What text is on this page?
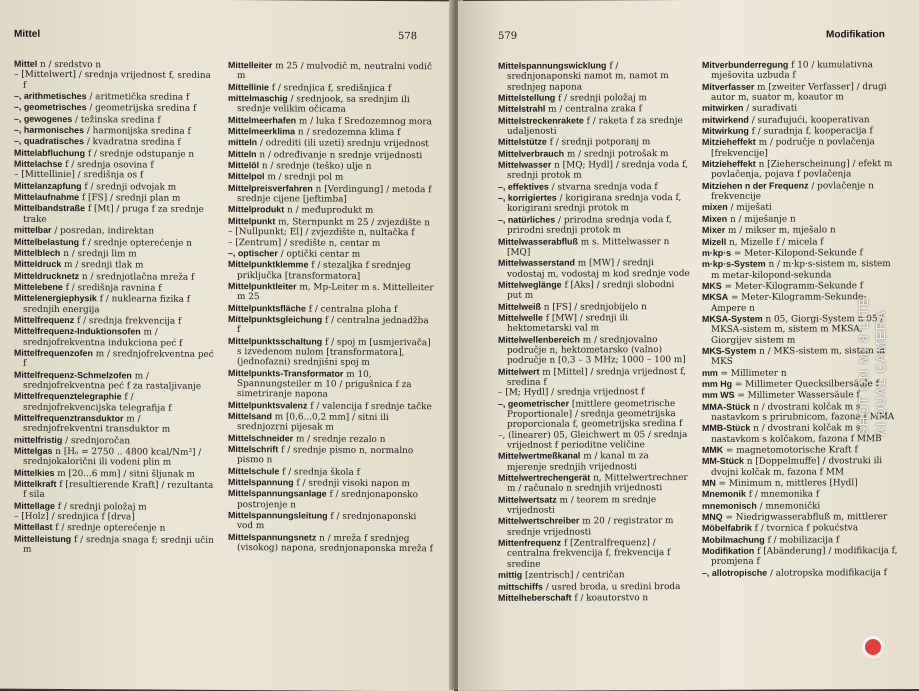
Mittel	578

Mittel n / sredstvo n

– [Mittelwert] / srednja vrijednost f, sredina f

–, arithmetisches / aritmetička sredina f

–, geometrisches / geometrijska sredina f

–, gewogenes / težinska sredina f

–, harmonisches / harmonijska sredina f

–, quadratisches / kvadratna sredina f

Mittelabfluchung f / srednje odstupanje n

Mittelachse f / srednja osovina f

– [Mittellinie] / središnja os f

Mittelanzapfung f / srednji odvojak m

Mittelaufnahme f [FS] / srednji plan m

Mittelbandstraße f [Mt] / pruga f za srednje trake

mittelbar / posredan, indirektan

Mittelbelastung f / srednje opterećenje n

Mittelblech n / srednji lim m

Mitteldruck m / srednji tlak m

Mitteldrucknetz n / srednjotlačna mreža f

Mittelebene f / središnja ravnina f

Mittelenergiephysik f / nuklearna fizika f srednjih energija

Mittelfrequenz f / srednja frekvencija f

Mittelfrequenz-Induktionsofen m / srednjofrekventna indukciona peć f

Mittelfrequenzofen m / srednjofrekventna peć f

Mittelfrequenz-Schmelzofen m / srednjofrekventna peć f za rastaljivanje

Mittelfrequenztelegraphie f / srednjofrekvencijska telegrafija f

Mittelfrequenztransduktor m / srednjofrekventni transduktor m

mittelfristig / srednjoročan

Mittelgas n [Hₒ = 2750 .. 4800 kcal/Nm³] / srednjokalorični ili vodeni plin m

Mittelkies m [20...6 mm] / sitni šljunak m

Mittelkraft f [resultierende Kraft] / rezultanta f sila

Mittellage f / srednji položaj m

– [Holz] / srednjica f [drva]

Mittellast f / srednje opterećenje n

Mittelleistung f / srednja snaga f; srednji učin m

Mittelleiter m 25 / mulvodič m, neutralni vodič m

Mittellinie f / srednjica f, središnjica f

mittelmaschig / srednjook, sa srednjim ili srednje velikim očicama

Mittelmeerhafen m / luka f Sredozemnog mora

Mittelmeerklima n / sredozemna klima f

mitteln / odrediti (ili uzeti) srednju vrijednost

Mitteln n / određivanje n srednje vrijednosti

Mittelöl n / srednje (teško) ulje n

Mittelpol m / srednji pol m

Mittelpreisverfahren n [Verdingung] / metoda f srednje cijene [jeftimba]

Mittelprodukt n / međuprodukt m

Mittelpunkt m, Sternpunkt m 25 / zvjezdište n

– [Nullpunkt; El] / zvjezdište n, nultačka f

– [Zentrum] / središte n, centar m

–, optischer / optički centar m

Mittelpunktklemme f / stezaljka f srednjeg priključka [transformatora]

Mittelpunktleiter m, Mp-Leiter m s. Mittelleiter m 25

Mittelpunktsfläche f / centralna ploha f

Mittelpunktsgleichung f / centralna jednadžba f

Mittelpunktsschaltung f / spoj m [usmjerivača] s izvedenom nulom [transformatora], (jednofazni) srednjišni spoj m

Mittelpunkts-Transformator m 10, Spannungsteiler m 10 / prigušnica f za simetriranje napona

Mittelpunktsvalenz f / valencija f srednje tačke

Mittelsand m [0,6...0,2 mm] / sitni ili srednjozrni pijesak m

Mittelschneider m / srednje rezalo n

Mittelschrift f / srednje pismo n, normalno pismo n

Mittelschule f / srednja škola f

Mittelspannung f / srednji visoki napon m

Mittelspannungsanlage f / srednjonaponsko postrojenje n

Mittelspannungsleitung f / srednjonaponski vod m

Mittelspannungsnetz n / mreža f srednjeg (visokog) napona, srednjonaponska mreža f

579	Modifikation

Mittelspannungswicklung f / srednjonaponski namot m, namot m srednjeg napona

Mittelstellung f / srednji položaj m

Mittelstrahl m / centralna zraka f

Mittelstreckenrakete f / raketa f za srednje udaljenosti

Mittelstütze f / srednji potporanj m

Mittelverbrauch m / srednji potrošak m

Mittelwasser n [MQ; Hydl] / srednja voda f, srednji protok m

–, effektives / stvarna srednja voda f

–, korrigiertes / korigirana srednja voda f, korigirani srednji protok m

–, natürliches / prirodna srednja voda f, prirodni srednji protok m

Mittelwasserabfluß m s. Mittelwasser n [MQ]

Mittelwasserstand m [MW] / srednji vodostaj m, vodostaj m kod srednje vode

Mittelweglänge f [Aks] / srednji slobodni put m

Mittelweiß n [FS] / srednjobijelo n

Mittelwelle f [MW] / srednji ili hektometarski val m

Mittelwellenbereich m / srednjovalno područje n, hektometarsko (valno) područje n [0,3 – 3 MHz; 1000 – 100 m]

Mittelwert m [Mittel] / srednja vrijednost f, sredina f

– [M; Hydl] / srednja vrijednost f

–, geometrischer [mittlere geometrische Proportionale] / srednja geometrijska proporcionala f, geometrijska sredina f

–, (linearer) 05, Gleichwert m 05 / srednja vrijednost f perioditne veličine

Mittelwertmeßkanal m / kanal m za mjerenje srednjih vrijednosti

Mittelwertrechengerät n, Mittelwertrechner m / računalo n srednjih vrijednosti

Mittelwertsatz m / teorem m srednje vrijednosti

Mittelwertschreiber m 20 / registrator m srednje vrijednosti

Mittenfrequenz f [Zentralfrequenz] / centralna frekvencija f, frekvencija f sredine

mittig [zentrisch] / centričan

mittschiffs / usred broda, u sredini broda

Mittelheberschaft f / koautorstvo n

Mitverbunderregung f 10 / kumulativna mješovita uzbuda f

Mitverfasser m [zweiter Verfasser] / drugi autor m, suator m, koautor m

mitwirken / surađivati

mitwirkend / surađujući, kooperativan

Mitwirkung f / suradnja f, kooperacija f

Mitzieheffekt m / područje n povlačenja [frekvencije]

Mitzieheffekt n [Zieherscheinung] / efekt m povlačenja, pojava f povlačenja

Mitziehen n der Frequenz / povlačenje n frekvencije

mixen / miješati

Mixen n / miješanje n

Mixer m / mikser m, mješalo n

Mizell n, Mizelle f / micela f

m·kp·s = Meter-Kilopond-Sekunde f

m·kp·s-System n / m·kp·s-sistem m, sistem m metar-kilopond-sekunda

MKS = Meter-Kilogramm-Sekunde f

MKSA = Meter-Kilogramm-Sekunde-Ampere n

MKSA-System n 05, Giorgi-System n 05 / MKSA-sistem m, sistem m MKSA, Giorgijev sistem m

MKS-System n / MKS-sistem m, sistem m MKS

mm = Millimeter n

mm Hg = Millimeter Quecksilbersäule f

mm WS = Millimeter Wassersäule f

MMA-Stück n / dvostrani kolčak m s nastavkom s prirubnicom, fazona f MMA

MMB-Stück n / dvostrani kolčak m s nastavkom s kolčakom, fazona f MMB

MMK = magnetomotorische Kraft f

MM-Stück n [Doppelmuffe] / dvostruki ili dvojni kolčak m, fazona f MM

MN = Minimum n, mittleres [Hydl]

Mnemonik f / mnemonika f

mnemonisch / mnemonički

MNQ = Niedrigwasserabfluß m, mittlerer

Möbelfabrik f / tvornica f pokućstva

Mobilmachung f / mobilizacija f

Modifikation f [Abänderung] / modifikacija f, promjena f

–, allotropische / alotropska modifikacija f

SHOT ON MI 8 LITE AI DUAL CAMERA
